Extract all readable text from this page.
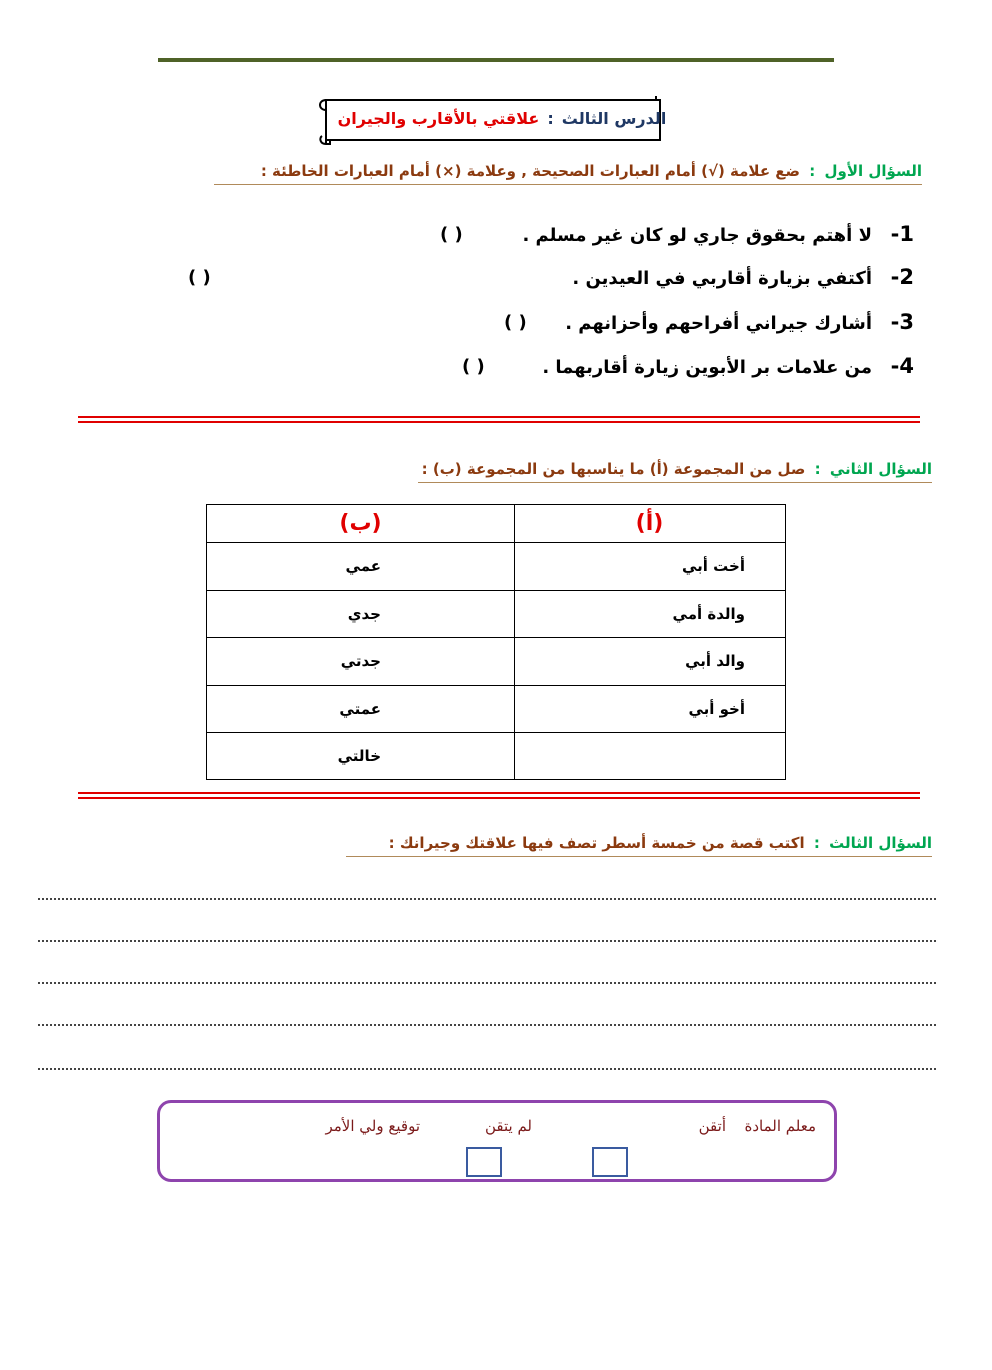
الدرس الثالث
:
علاقتي بالأقارب والجيران
السؤال الأول : ضع علامة (√) أمام العبارات الصحيحة , وعلامة (×) أمام العبارات الخاطئة :
1-
لا أهتم بحقوق جاري لو كان غير مسلم .
( )
2-
أكتفي بزيارة أقاربي في العيدين .
( )
3-
أشارك جيراني أفراحهم وأحزانهم .
( )
4-
من علامات بر الأبوين زيارة أقاربهما .
( )
السؤال الثاني : صل من المجموعة (أ) ما يناسبها من المجموعة (ب) :
(أ)
(ب)
أخت أبي
والدة أمي
والد أبي
أخو أبي
عمي
جدي
جدتي
عمتي
خالتي
السؤال الثالث : اكتب قصة من خمسة أسطر تصف فيها علاقتك وجيرانك :
معلم المادة
أتقن
لم يتقن
توقيع ولي الأمر
